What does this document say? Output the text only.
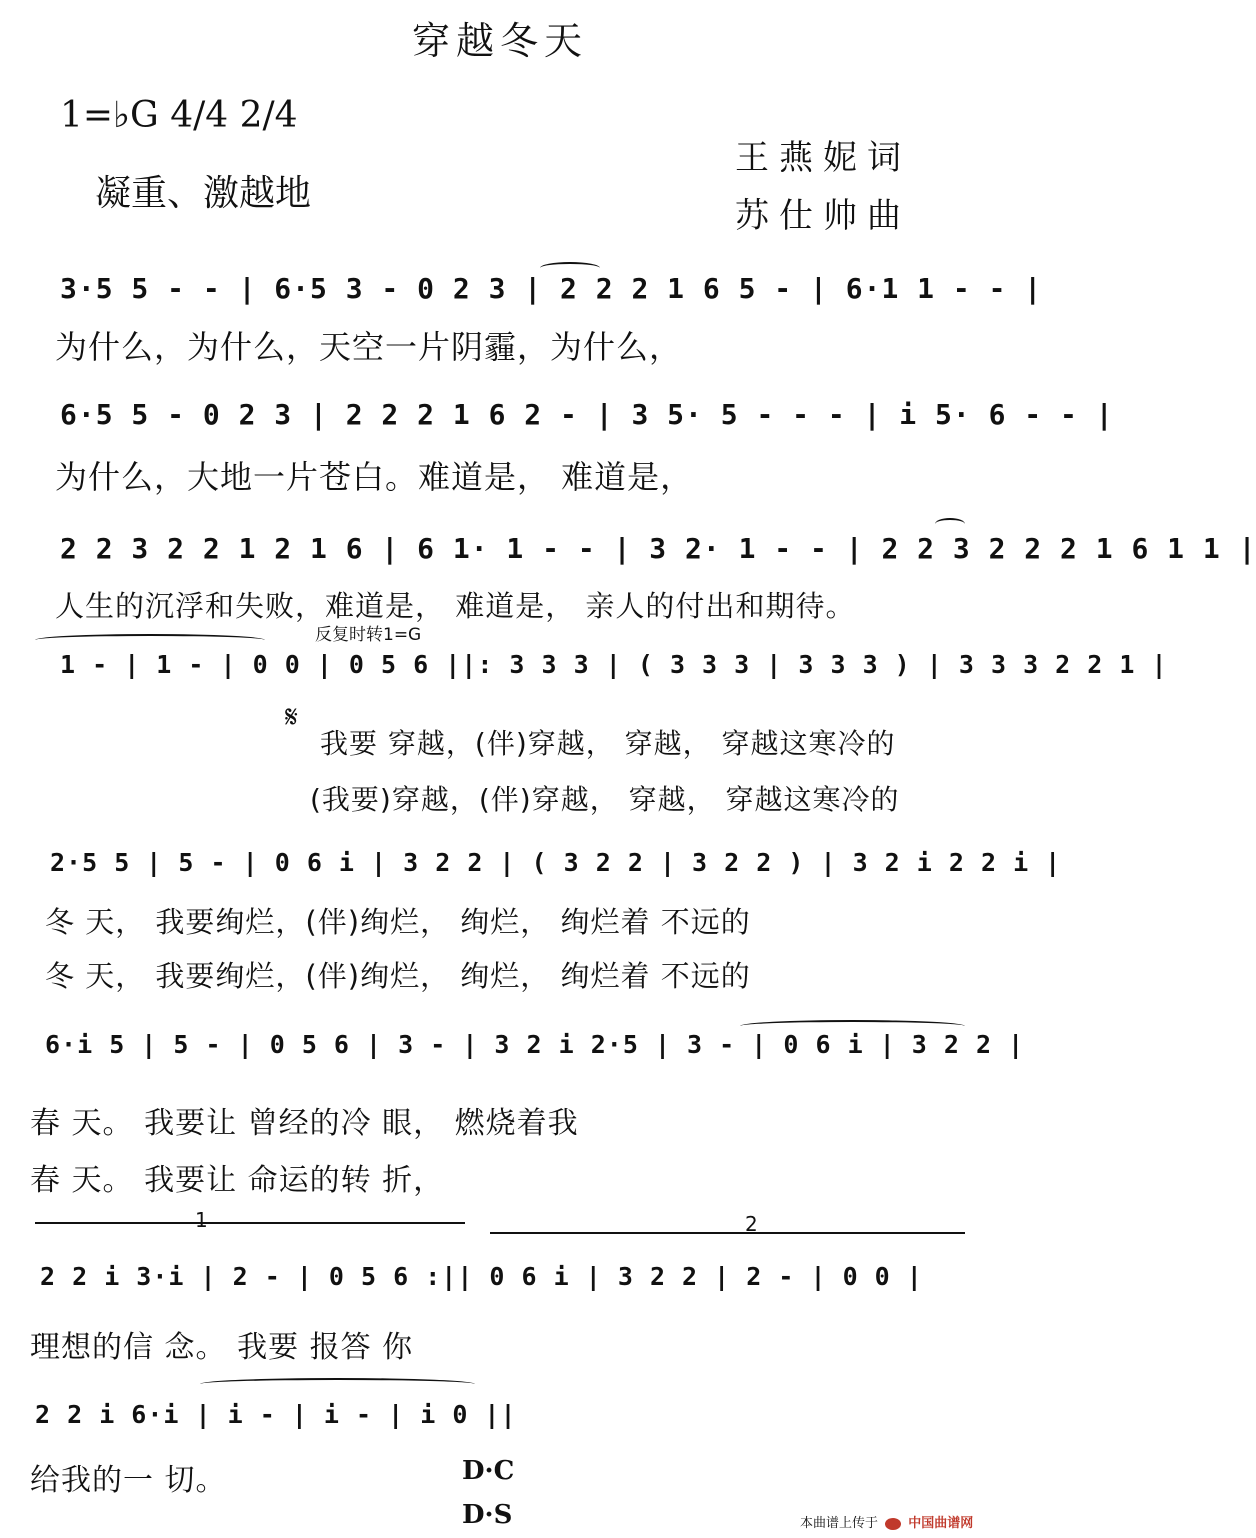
穿越冬天
1=♭G 4/4 2/4
凝重、激越地
王燕妮词
苏仕帅曲
3·5 5 - - | 6·5 3 - 0 2 3 | 2 2 2 1 6 5 - | 6·1 1 - - |
为什么，为什么，天空一片阴霾，为什么，
6·5 5 - 0 2 3 | 2 2 2 1 6 2 - | 3 5· 5 - - - | i 5· 6 - - |
为什么，大地一片苍白。难道是， 难道是，
2 2 3 2 2 1 2 1 6 | 6 1· 1 - - | 3 2· 1 - - | 2 2 3 2 2 2 1 6 1 1 |
人生的沉浮和失败，难道是， 难道是， 亲人的付出和期待。
反复时转1=G
1 - | 1 - | 0 0 | 0 5 6 ||: 3 3 3 | ( 3 3 3 | 3 3 3 ) | 3 3 3 2 2 1 |
𝄋
我要 穿越，(伴)穿越， 穿越， 穿越这寒冷的
(我要)穿越，(伴)穿越， 穿越， 穿越这寒冷的
2·5 5 | 5 - | 0 6 i | 3 2 2 | ( 3 2 2 | 3 2 2 ) | 3 2 i 2 2 i |
冬 天， 我要绚烂，(伴)绚烂， 绚烂， 绚烂着 不远的
冬 天， 我要绚烂，(伴)绚烂， 绚烂， 绚烂着 不远的
6·i 5 | 5 - | 0 5 6 | 3 - | 3 2 i 2·5 | 3 - | 0 6 i | 3 2 2 |
春 天。 我要让 曾经的冷 眼， 燃烧着我
春 天。 我要让 命运的转 折，
1	2
2 2 i 3·i | 2 - | 0 5 6 :|| 0 6 i | 3 2 2 | 2 - | 0 0 |
理想的信 念。 我要 报答 你
2 2 i 6·i | i - | i - | i 0 ||
给我的一 切。	D·C
D·S	本曲谱上传于 中国曲谱网
